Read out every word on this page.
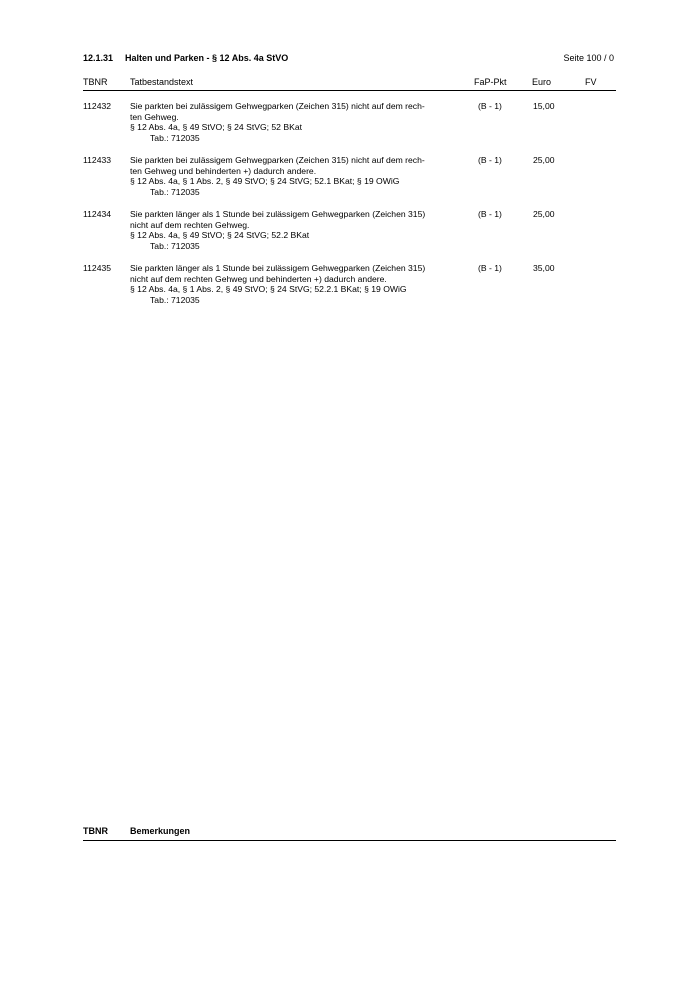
12.1.31 Halten und Parken - § 12 Abs. 4a StVO	Seite 100 / 0
TBNR	Tatbestandstext	FaP-Pkt	Euro	FV
112432	Sie parkten bei zulässigem Gehwegparken (Zeichen 315) nicht auf dem rech-
ten Gehweg.
§ 12 Abs. 4a, § 49 StVO; § 24 StVG; 52 BKat
Tab.: 712035
(B - 1)	15,00
112433	Sie parkten bei zulässigem Gehwegparken (Zeichen 315) nicht auf dem rech-
ten Gehweg und behinderten +) dadurch andere.
§ 12 Abs. 4a, § 1 Abs. 2, § 49 StVO; § 24 StVG; 52.1 BKat; § 19 OWiG
Tab.: 712035
(B - 1)	25,00
112434	Sie parkten länger als 1 Stunde bei zulässigem Gehwegparken (Zeichen 315)
nicht auf dem rechten Gehweg.
§ 12 Abs. 4a, § 49 StVO; § 24 StVG; 52.2 BKat
Tab.: 712035
(B - 1)	25,00
112435	Sie parkten länger als 1 Stunde bei zulässigem Gehwegparken (Zeichen 315)
nicht auf dem rechten Gehweg und behinderten +) dadurch andere.
§ 12 Abs. 4a, § 1 Abs. 2, § 49 StVO; § 24 StVG; 52.2.1 BKat; § 19 OWiG
Tab.: 712035
(B - 1)	35,00
TBNR Bemerkungen
